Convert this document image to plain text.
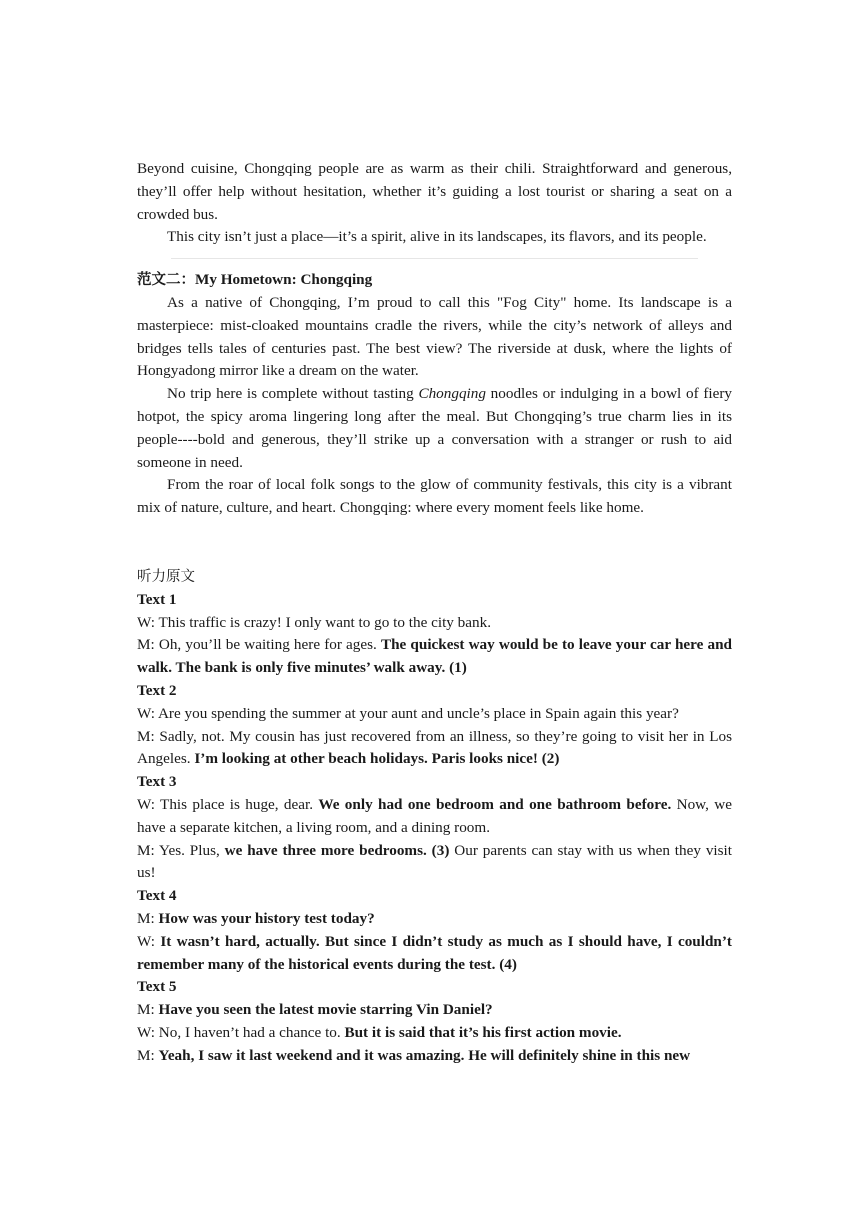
Beyond cuisine, Chongqing people are as warm as their chili. Straightforward and generous, they’ll offer help without hesitation, whether it’s guiding a lost tourist or sharing a seat on a crowded bus.

This city isn’t just a place—it’s a spirit, alive in its landscapes, its flavors, and its people.

范文二：My Hometown: Chongqing

As a native of Chongqing, I’m proud to call this "Fog City" home. Its landscape is a masterpiece: mist-cloaked mountains cradle the rivers, while the city’s network of alleys and bridges tells tales of centuries past. The best view? The riverside at dusk, where the lights of Hongyadong mirror like a dream on the water.

No trip here is complete without tasting Chongqing noodles or indulging in a bowl of fiery hotpot, the spicy aroma lingering long after the meal. But Chongqing’s true charm lies in its people----bold and generous, they’ll strike up a conversation with a stranger or rush to aid someone in need.

From the roar of local folk songs to the glow of community festivals, this city is a vibrant mix of nature, culture, and heart. Chongqing: where every moment feels like home.

听力原文

Text 1

W: This traffic is crazy! I only want to go to the city bank.

M: Oh, you’ll be waiting here for ages. The quickest way would be to leave your car here and walk. The bank is only five minutes’ walk away. (1)

Text 2

W: Are you spending the summer at your aunt and uncle’s place in Spain again this year?

M: Sadly, not. My cousin has just recovered from an illness, so they’re going to visit her in Los Angeles. I’m looking at other beach holidays. Paris looks nice! (2)

Text 3

W: This place is huge, dear. We only had one bedroom and one bathroom before. Now, we have a separate kitchen, a living room, and a dining room.

M: Yes. Plus, we have three more bedrooms. (3) Our parents can stay with us when they visit us!

Text 4

M: How was your history test today?

W: It wasn’t hard, actually. But since I didn’t study as much as I should have, I couldn’t remember many of the historical events during the test. (4)

Text 5

M: Have you seen the latest movie starring Vin Daniel?

W: No, I haven’t had a chance to. But it is said that it’s his first action movie.

M: Yeah, I saw it last weekend and it was amazing. He will definitely shine in this new
